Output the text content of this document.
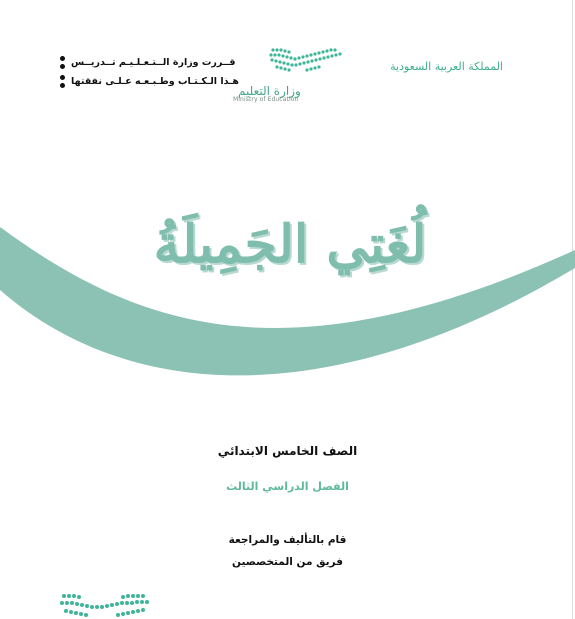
المملكة العربية السعودية
وزارة التعليم
Ministry of Education
قــررت وزارة الــتـعـلـيـم تــدريــس
هـذا الـكـتـاب وطـبـعـه عـلـى نفقتها
لُغَتِي الجَمِيلَةُ
الصف الخامس الابتدائي
الفصل الدراسي الثالث
قام بالتأليف والمراجعة
فريق من المتخصصين
